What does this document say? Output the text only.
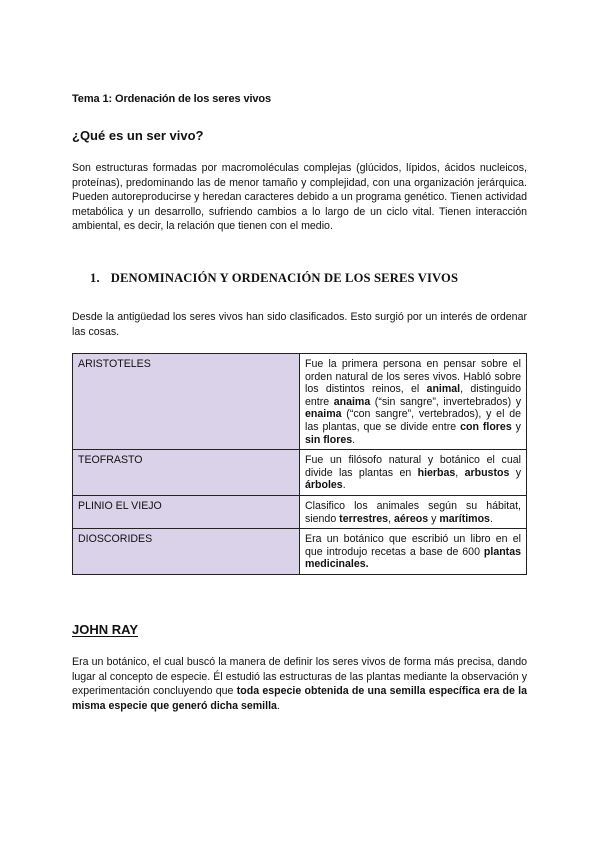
Tema 1: Ordenación de los seres vivos
¿Qué es un ser vivo?

Son estructuras formadas por macromoléculas complejas (glúcidos, lípidos, ácidos nucleicos, proteínas), predominando las de menor tamaño y complejidad, con una organización jerárquica. Pueden autoreproducirse y heredan caracteres debido a un programa genético. Tienen actividad metabólica y un desarrollo, sufriendo cambios a lo largo de un ciclo vital. Tienen interacción ambiental, es decir, la relación que tienen con el medio.

1. DENOMINACIÓN Y ORDENACIÓN DE LOS SERES VIVOS

Desde la antigüedad los seres vivos han sido clasificados. Esto surgió por un interés de ordenar las cosas.

ARISTOTELES	Fue la primera persona en pensar sobre el orden natural de los seres vivos. Habló sobre los distintos reinos, el animal, distinguido entre anaima (“sin sangre”, invertebrados) y enaima (“con sangre”, vertebrados), y el de las plantas, que se divide entre con flores y sin flores.
TEOFRASTO	Fue un filósofo natural y botánico el cual divide las plantas en hierbas, arbustos y árboles.
PLINIO EL VIEJO	Clasifico los animales según su hábitat, siendo terrestres, aéreos y marítimos.
DIOSCORIDES	Era un botánico que escribió un libro en el que introdujo recetas a base de 600 plantas medicinales.
JOHN RAY

Era un botánico, el cual buscó la manera de definir los seres vivos de forma más precisa, dando lugar al concepto de especie. Él estudió las estructuras de las plantas mediante la observación y experimentación concluyendo que toda especie obtenida de una semilla específica era de la misma especie que generó dicha semilla.
